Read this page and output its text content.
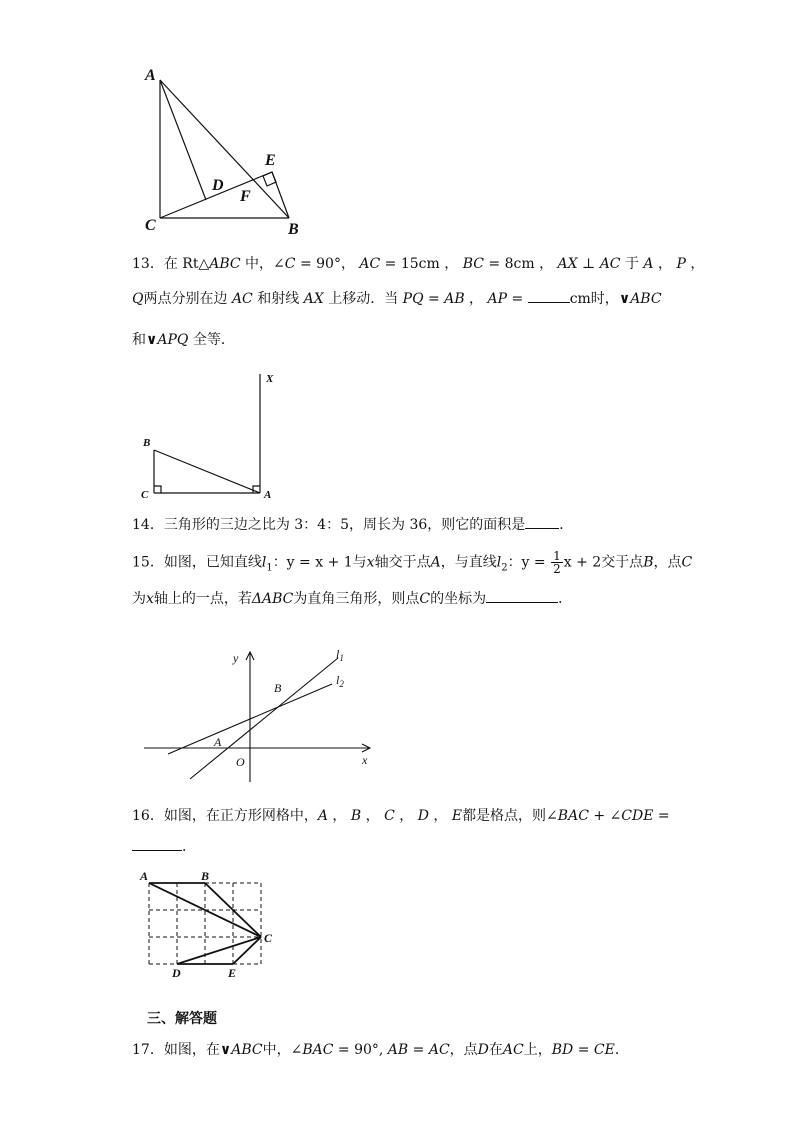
A
B
C
D
E
F
13．在 Rt△ABC 中，∠C = 90°， AC = 15cm ， BC = 8cm ， AX ⊥ AC 于 A ， P ，
Q两点分别在边 AC 和射线 AX 上移动．当 PQ = AB ， AP =	cm时，∨ABC
和∨APQ 全等．
X
B
C	A
14．三角形的三边之比为 3：4：5，周长为 36，则它的面积是 ．
15．如图，已知直线$l_1$：y = x + 1与x轴交于点A，与直线$l_2$：$y = \frac{1}{2}$ x + 2交于点B，点C
为x轴上的一点，若ΔABC为直角三角形，则点C的坐标为	．
y
x
O
A
B
$l_1$
$l_2$
16．如图，在正方形网格中，A ， B ， C ， D ， E都是格点，则∠BAC + ∠CDE =
．
A	B
C
D	E
三、解答题
17．如图，在∨ABC中，∠BAC = 90°, AB = AC，点D在AC上，BD = CE．
